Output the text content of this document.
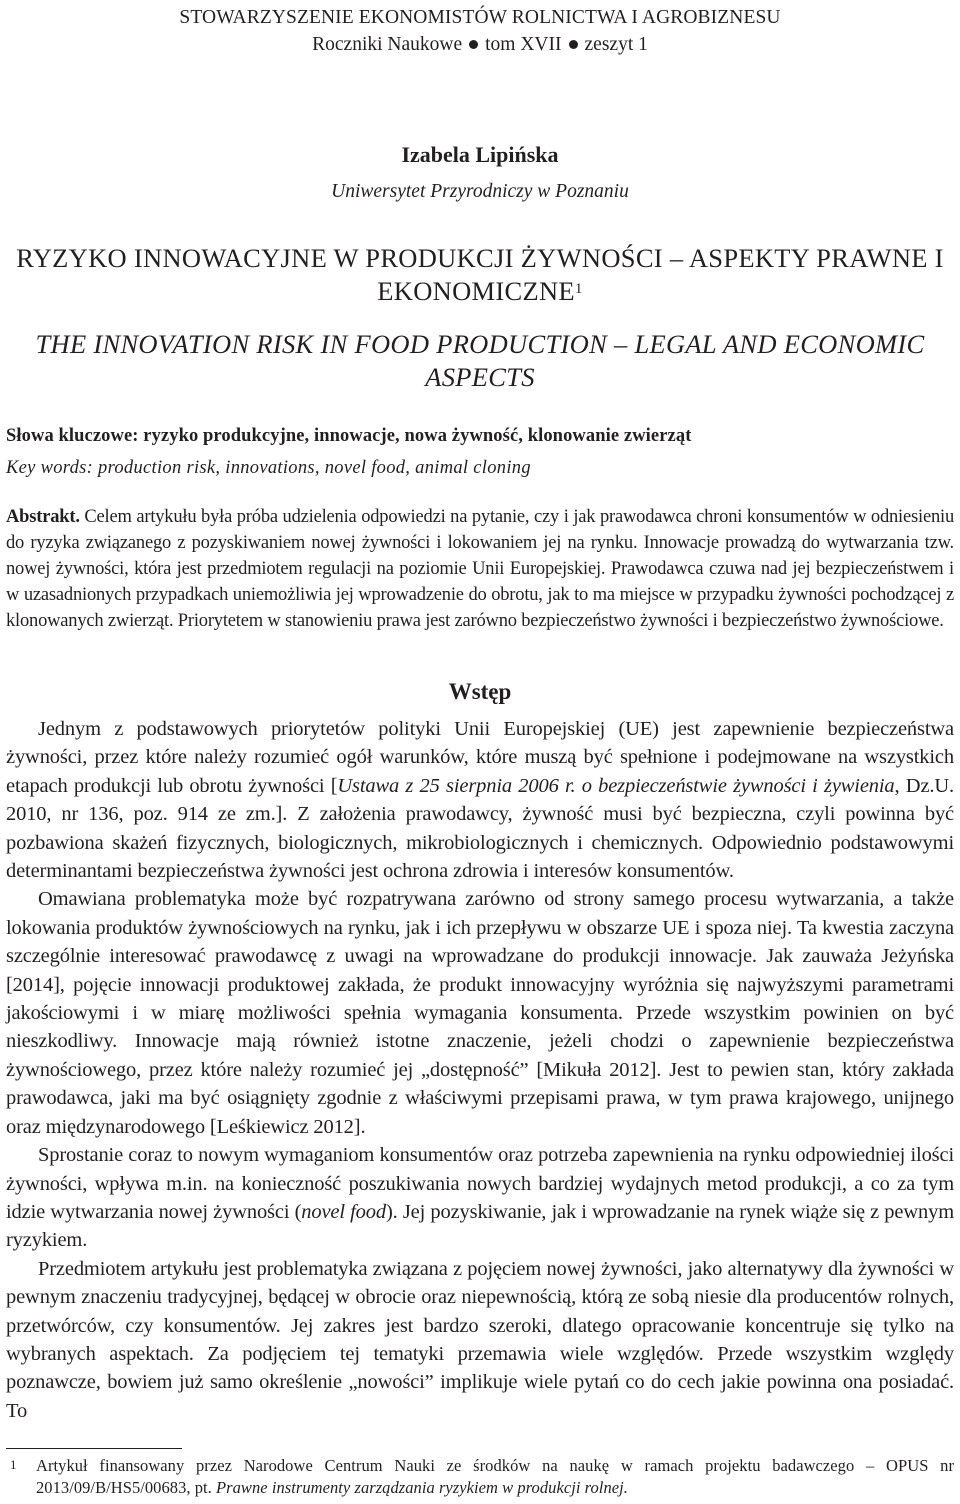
STOWARZYSZENIE EKONOMISTÓW ROLNICTWA I AGROBIZNESU
Roczniki Naukowe tom XVII zeszyt 1
Izabela Lipińska
Uniwersytet Przyrodniczy w Poznaniu
RYZYKO INNOWACYJNE W PRODUKCJI ŻYWNOŚCI – ASPEKTY PRAWNE I EKONOMICZNE$^1$
THE INNOVATION RISK IN FOOD PRODUCTION – LEGAL AND ECONOMIC ASPECTS
Słowa kluczowe: ryzyko produkcyjne, innowacje, nowa żywność, klonowanie zwierząt
Key words: production risk, innovations, novel food, animal cloning
Abstrakt. Celem artykułu była próba udzielenia odpowiedzi na pytanie, czy i jak prawodawca chroni konsumentów w odniesieniu do ryzyka związanego z pozyskiwaniem nowej żywności i lokowaniem jej na rynku. Innowacje prowadzą do wytwarzania tzw. nowej żywności, która jest przedmiotem regulacji na poziomie Unii Europejskiej. Prawodawca czuwa nad jej bezpieczeństwem i w uzasadnionych przypadkach uniemożliwia jej wprowadzenie do obrotu, jak to ma miejsce w przypadku żywności pochodzącej z klonowanych zwierząt. Priorytetem w stanowieniu prawa jest zarówno bezpieczeństwo żywności i bezpieczeństwo żywnościowe.
Wstęp

Jednym z podstawowych priorytetów polityki Unii Europejskiej (UE) jest zapewnienie bezpieczeństwa żywności, przez które należy rozumieć ogół warunków, które muszą być spełnione i podejmowane na wszystkich etapach produkcji lub obrotu żywności [Ustawa z 25 sierpnia 2006 r. o bezpieczeństwie żywności i żywienia, Dz.U. 2010, nr 136, poz. 914 ze zm.]. Z założenia prawodawcy, żywność musi być bezpieczna, czyli powinna być pozbawiona skażeń fizycznych, biologicznych, mikrobiologicznych i chemicznych. Odpowiednio podstawowymi determinantami bezpieczeństwa żywności jest ochrona zdrowia i interesów konsumentów.

Omawiana problematyka może być rozpatrywana zarówno od strony samego procesu wytwarzania, a także lokowania produktów żywnościowych na rynku, jak i ich przepływu w obszarze UE i spoza niej. Ta kwestia zaczyna szczególnie interesować prawodawcę z uwagi na wprowadzane do produkcji innowacje. Jak zauważa Jeżyńska [2014], pojęcie innowacji produktowej zakłada, że produkt innowacyjny wyróżnia się najwyższymi parametrami jakościowymi i w miarę możliwości spełnia wymagania konsumenta. Przede wszystkim powinien on być nieszkodliwy. Innowacje mają również istotne znaczenie, jeżeli chodzi o zapewnienie bezpieczeństwa żywnościowego, przez które należy rozumieć jej „dostępność” [Mikuła 2012]. Jest to pewien stan, który zakłada prawodawca, jaki ma być osiągnięty zgodnie z właściwymi przepisami prawa, w tym prawa krajowego, unijnego oraz międzynarodowego [Leśkiewicz 2012].

Sprostanie coraz to nowym wymaganiom konsumentów oraz potrzeba zapewnienia na rynku odpowiedniej ilości żywności, wpływa m.in. na konieczność poszukiwania nowych bardziej wydajnych metod produkcji, a co za tym idzie wytwarzania nowej żywności (novel food). Jej pozyskiwanie, jak i wprowadzanie na rynek wiąże się z pewnym ryzykiem.

Przedmiotem artykułu jest problematyka związana z pojęciem nowej żywności, jako alternatywy dla żywności w pewnym znaczeniu tradycyjnej, będącej w obrocie oraz niepewnością, którą ze sobą niesie dla producentów rolnych, przetwórców, czy konsumentów. Jej zakres jest bardzo szeroki, dlatego opracowanie koncentruje się tylko na wybranych aspektach. Za podjęciem tej tematyki przemawia wiele względów. Przede wszystkim względy poznawcze, bowiem już samo określenie „nowości” implikuje wiele pytań co do cech jakie powinna ona posiadać. To

1 Artykuł finansowany przez Narodowe Centrum Nauki ze środków na naukę w ramach projektu badawczego – OPUS nr 2013/09/B/HS5/00683, pt. Prawne instrumenty zarządzania ryzykiem w produkcji rolnej.
